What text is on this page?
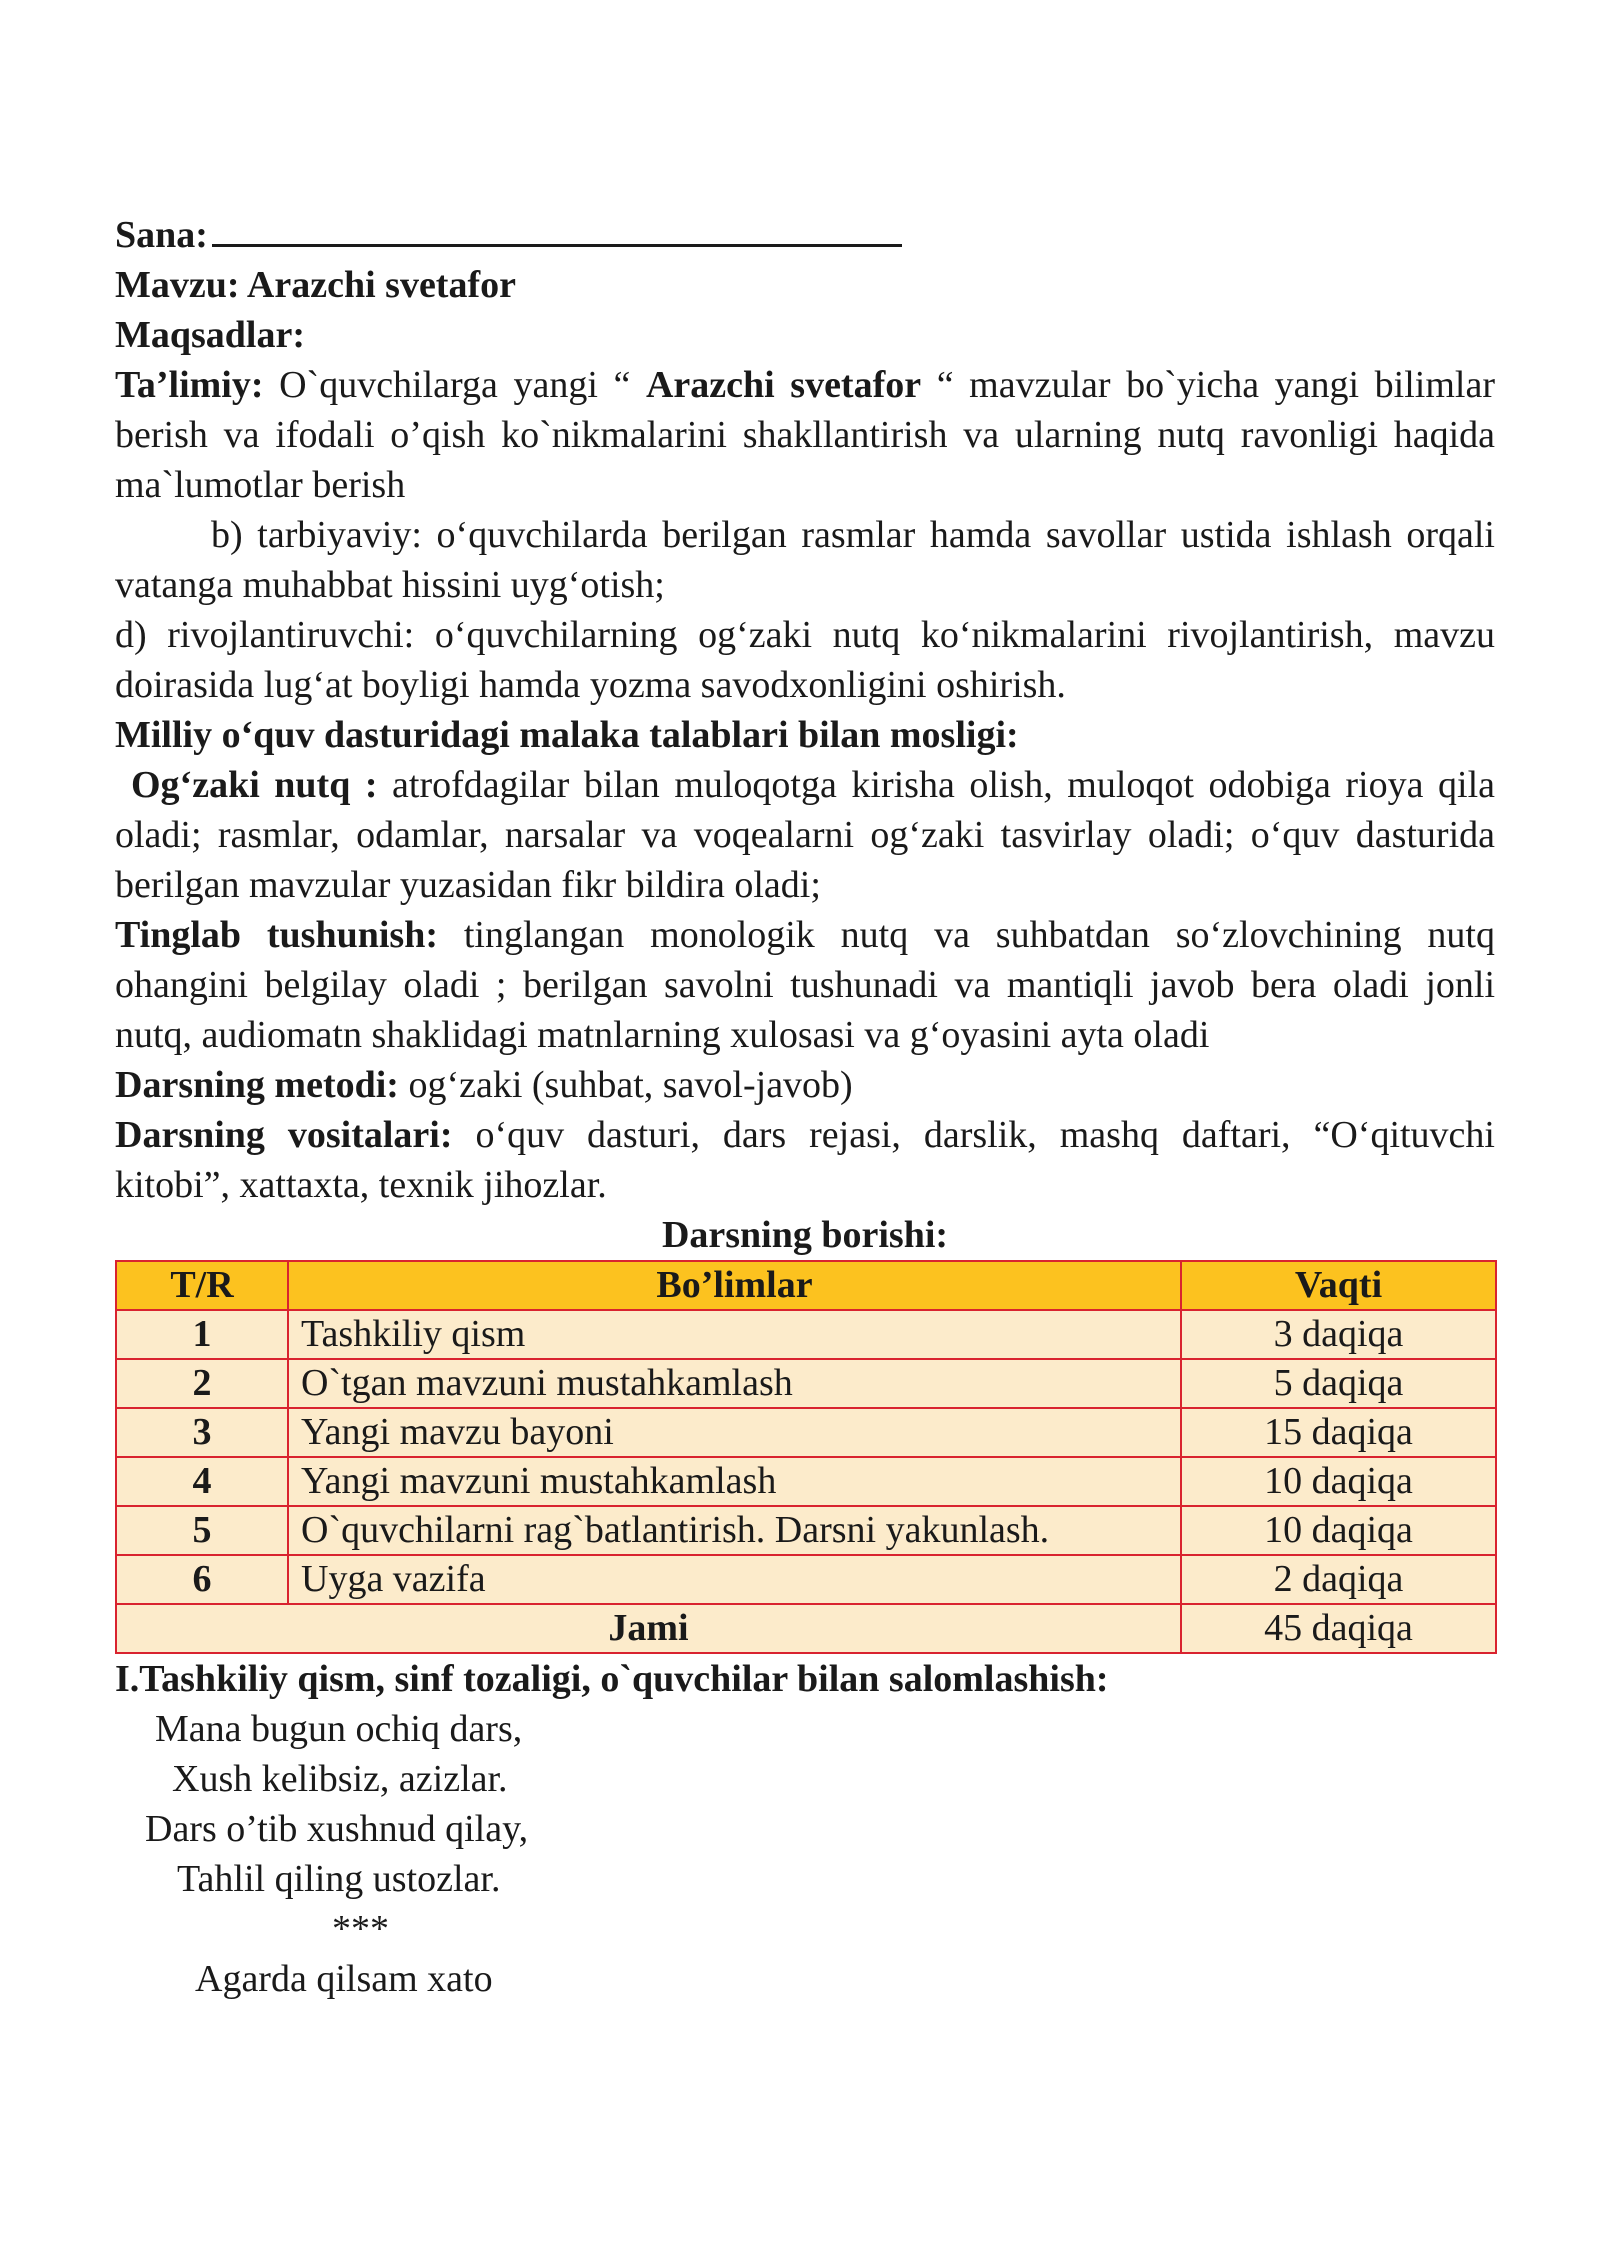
Sana:

Mavzu: Arazchi svetafor

Maqsadlar:

Ta’limiy: O`quvchilarga yangi “ Arazchi svetafor “ mavzular bo`yicha yangi bilimlar berish va ifodali o’qish ko`nikmalarini shakllantirish va ularning nutq ravonligi haqida ma`lumotlar berish

b) tarbiyaviy: o‘quvchilarda berilgan rasmlar hamda savollar ustida ishlash orqali vatanga muhabbat hissini uyg‘otish;

d) rivojlantiruvchi: o‘quvchilarning og‘zaki nutq ko‘nikmalarini rivojlantirish, mavzu doirasida lug‘at boyligi hamda yozma savodxonligini oshirish.

Milliy o‘quv dasturidagi malaka talablari bilan mosligi:

Og‘zaki nutq : atrofdagilar bilan muloqotga kirisha olish, muloqot odobiga rioya qila oladi; rasmlar, odamlar, narsalar va voqealarni og‘zaki tasvirlay oladi; o‘quv dasturida berilgan mavzular yuzasidan fikr bildira oladi;

Tinglab tushunish: tinglangan monologik nutq va suhbatdan so‘zlovchining nutq ohangini belgilay oladi ; berilgan savolni tushunadi va mantiqli javob bera oladi jonli nutq, audiomatn shaklidagi matnlarning xulosasi va g‘oyasini ayta oladi

Darsning metodi: og‘zaki (suhbat, savol-javob)

Darsning vositalari: o‘quv dasturi, dars rejasi, darslik, mashq daftari, “O‘qituvchi kitobi”, xattaxta, texnik jihozlar.

Darsning borishi:

T/R	Bo’limlar	Vaqti
1	Tashkiliy qism	3 daqiqa
2	O`tgan mavzuni mustahkamlash	5 daqiqa
3	Yangi mavzu bayoni	15 daqiqa
4	Yangi mavzuni mustahkamlash	10 daqiqa
5	O`quvchilarni rag`batlantirish. Darsni yakunlash.	10 daqiqa
6	Uyga vazifa	2 daqiqa
Jami		45 daqiqa

I.Tashkiliy qism, sinf tozaligi, o`quvchilar bilan salomlashish:

Mana bugun ochiq dars,

Xush kelibsiz, azizlar.

Dars o’tib xushnud qilay,

Tahlil qiling ustozlar.

***

Agarda qilsam xato
